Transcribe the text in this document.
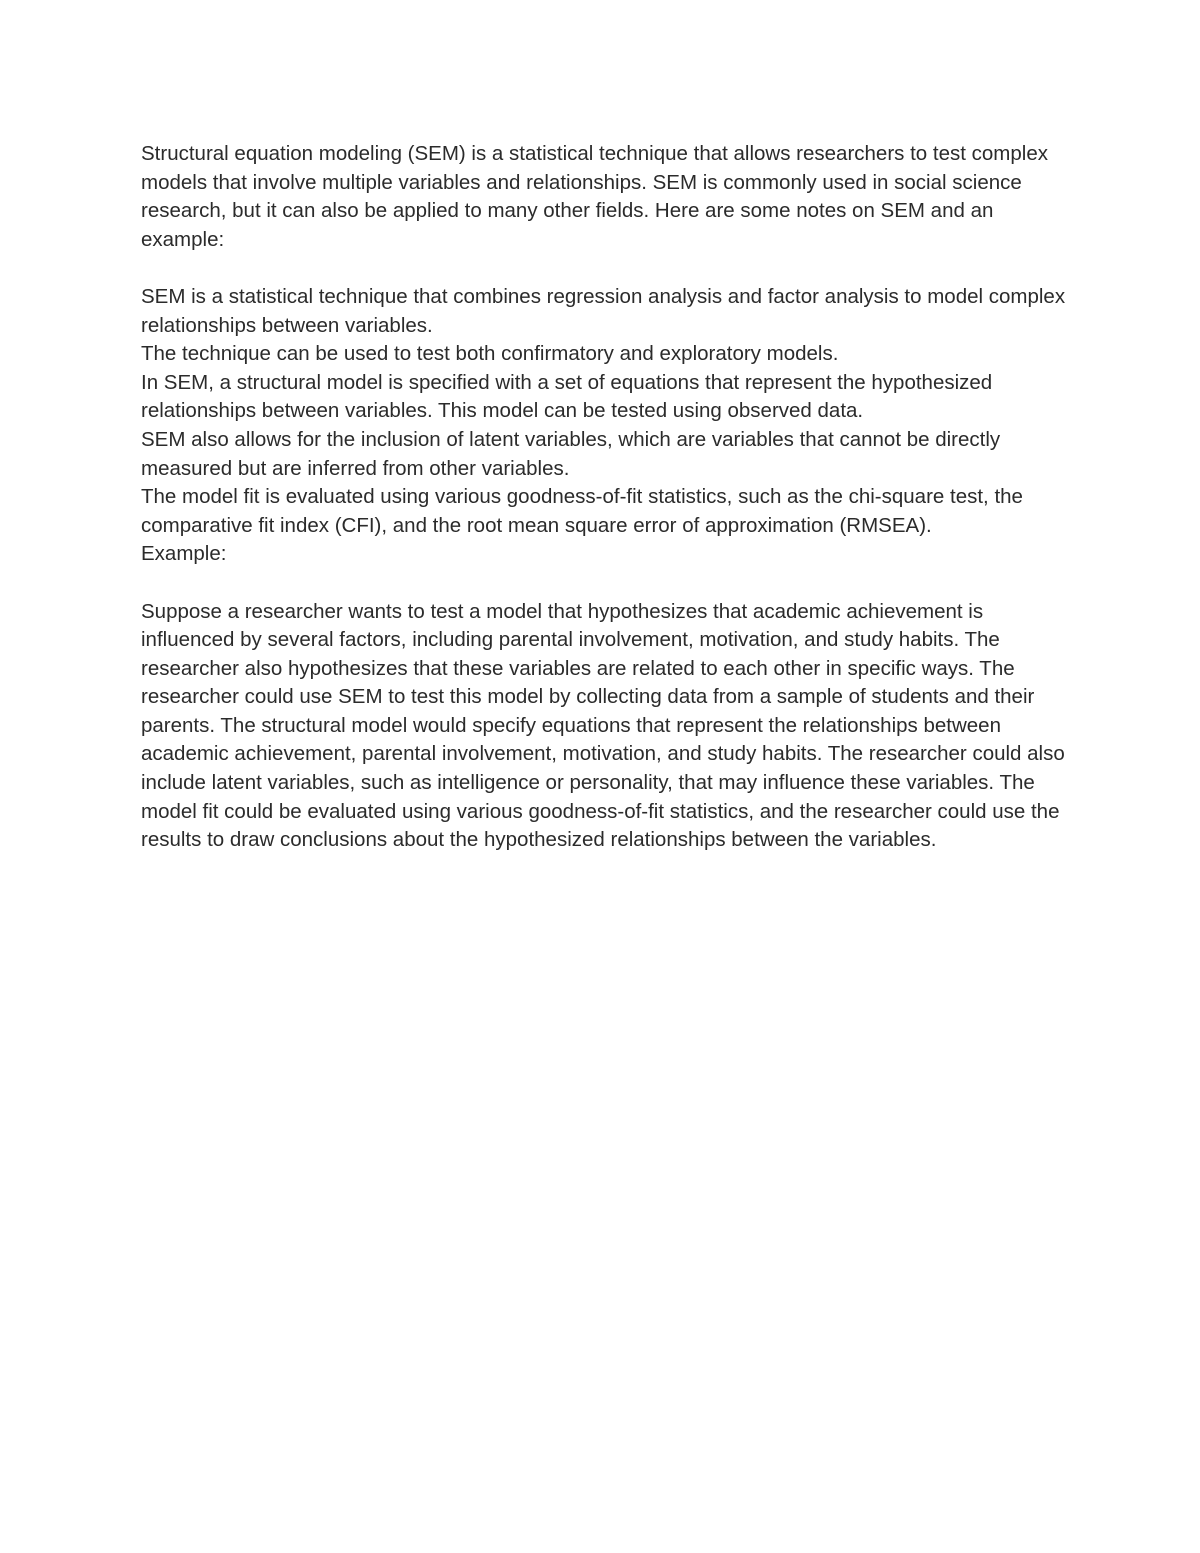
Structural equation modeling (SEM) is a statistical technique that allows researchers to test complex models that involve multiple variables and relationships. SEM is commonly used in social science research, but it can also be applied to many other fields. Here are some notes on SEM and an example:

SEM is a statistical technique that combines regression analysis and factor analysis to model complex relationships between variables.

The technique can be used to test both confirmatory and exploratory models.

In SEM, a structural model is specified with a set of equations that represent the hypothesized relationships between variables. This model can be tested using observed data.

SEM also allows for the inclusion of latent variables, which are variables that cannot be directly measured but are inferred from other variables.

The model fit is evaluated using various goodness-of-fit statistics, such as the chi-square test, the comparative fit index (CFI), and the root mean square error of approximation (RMSEA).

Example:

Suppose a researcher wants to test a model that hypothesizes that academic achievement is influenced by several factors, including parental involvement, motivation, and study habits. The researcher also hypothesizes that these variables are related to each other in specific ways. The researcher could use SEM to test this model by collecting data from a sample of students and their parents. The structural model would specify equations that represent the relationships between academic achievement, parental involvement, motivation, and study habits. The researcher could also include latent variables, such as intelligence or personality, that may influence these variables. The model fit could be evaluated using various goodness-of-fit statistics, and the researcher could use the results to draw conclusions about the hypothesized relationships between the variables.
